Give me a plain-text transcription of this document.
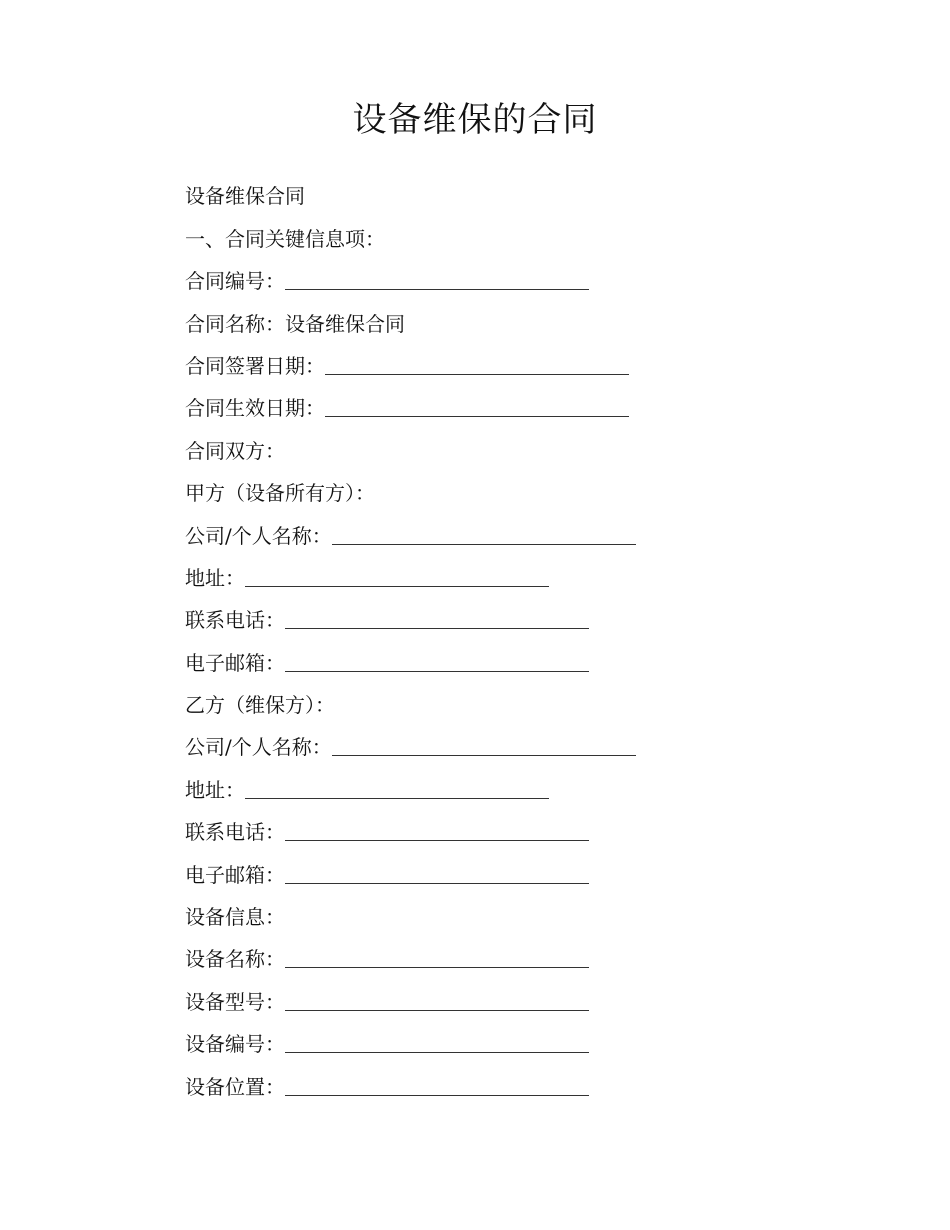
设备维保的合同
设备维保合同
一、合同关键信息项：
合同编号：
合同名称： 设备维保合同
合同签署日期：
合同生效日期：
合同双方：
甲方（设备所有方）：
公司/个人名称：
地址：
联系电话：
电子邮箱：
乙方（维保方）：
公司/个人名称：
地址：
联系电话：
电子邮箱：
设备信息：
设备名称：
设备型号：
设备编号：
设备位置：
